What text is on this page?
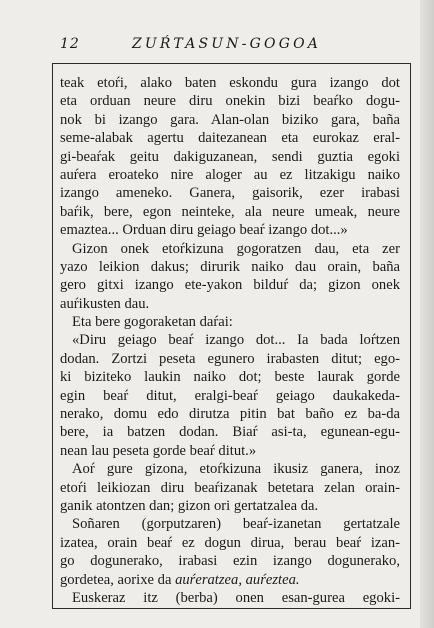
12	ZUŔTASUN-GOGOA
teak etoŕi, alako baten eskondu gura izango dot
eta orduan neure diru onekin bizi beaŕko dogu-
nok bi izango gara. Alan-olan biziko gara, baña
seme-alabak agertu daitezanean eta eurokaz eral-
gi-beaŕak geitu dakiguzanean, sendi guztia egoki
auŕera eroateko nire aloger au ez litzakigu naiko
izango ameneko. Ganera, gaisorik, ezer irabasi
baŕik, bere, egon neinteke, ala neure umeak, neure
emaztea... Orduan diru geiago beaŕ izango dot...»
Gizon onek etoŕkizuna gogoratzen dau, eta zer
yazo leikion dakus; dirurik naiko dau orain, baña
gero gitxi izango ete-yakon bilduŕ da; gizon onek
auŕikusten dau.
Eta bere gogoraketan daŕai:
«Diru geiago beaŕ izango dot... Ia bada loŕtzen
dodan. Zortzi peseta egunero irabasten ditut; ego-
ki biziteko laukin naiko dot; beste laurak gorde
egin beaŕ ditut, eralgi-beaŕ geiago daukakeda-
nerako, domu edo dirutza pitin bat baño ez ba-da
bere, ia batzen dodan. Biaŕ asi-ta, egunean-egu-
nean lau peseta gorde beaŕ ditut.»
Aoŕ gure gizona, etoŕkizuna ikusiz ganera, inoz
etoŕi leikiozan diru beaŕizanak betetara zelan orain-
ganik atontzen dan; gizon ori gertatzalea da.
Soñaren (gorputzaren) beaŕ-izanetan gertatzale
izatea, orain beaŕ ez dogun dirua, berau beaŕ izan-
go dogunerako, irabasi ezin izango dogunerako,
gordetea, aorixe da auŕeratzea, auŕeztea.
Euskeraz itz (berba) onen esan-gurea egoki-
